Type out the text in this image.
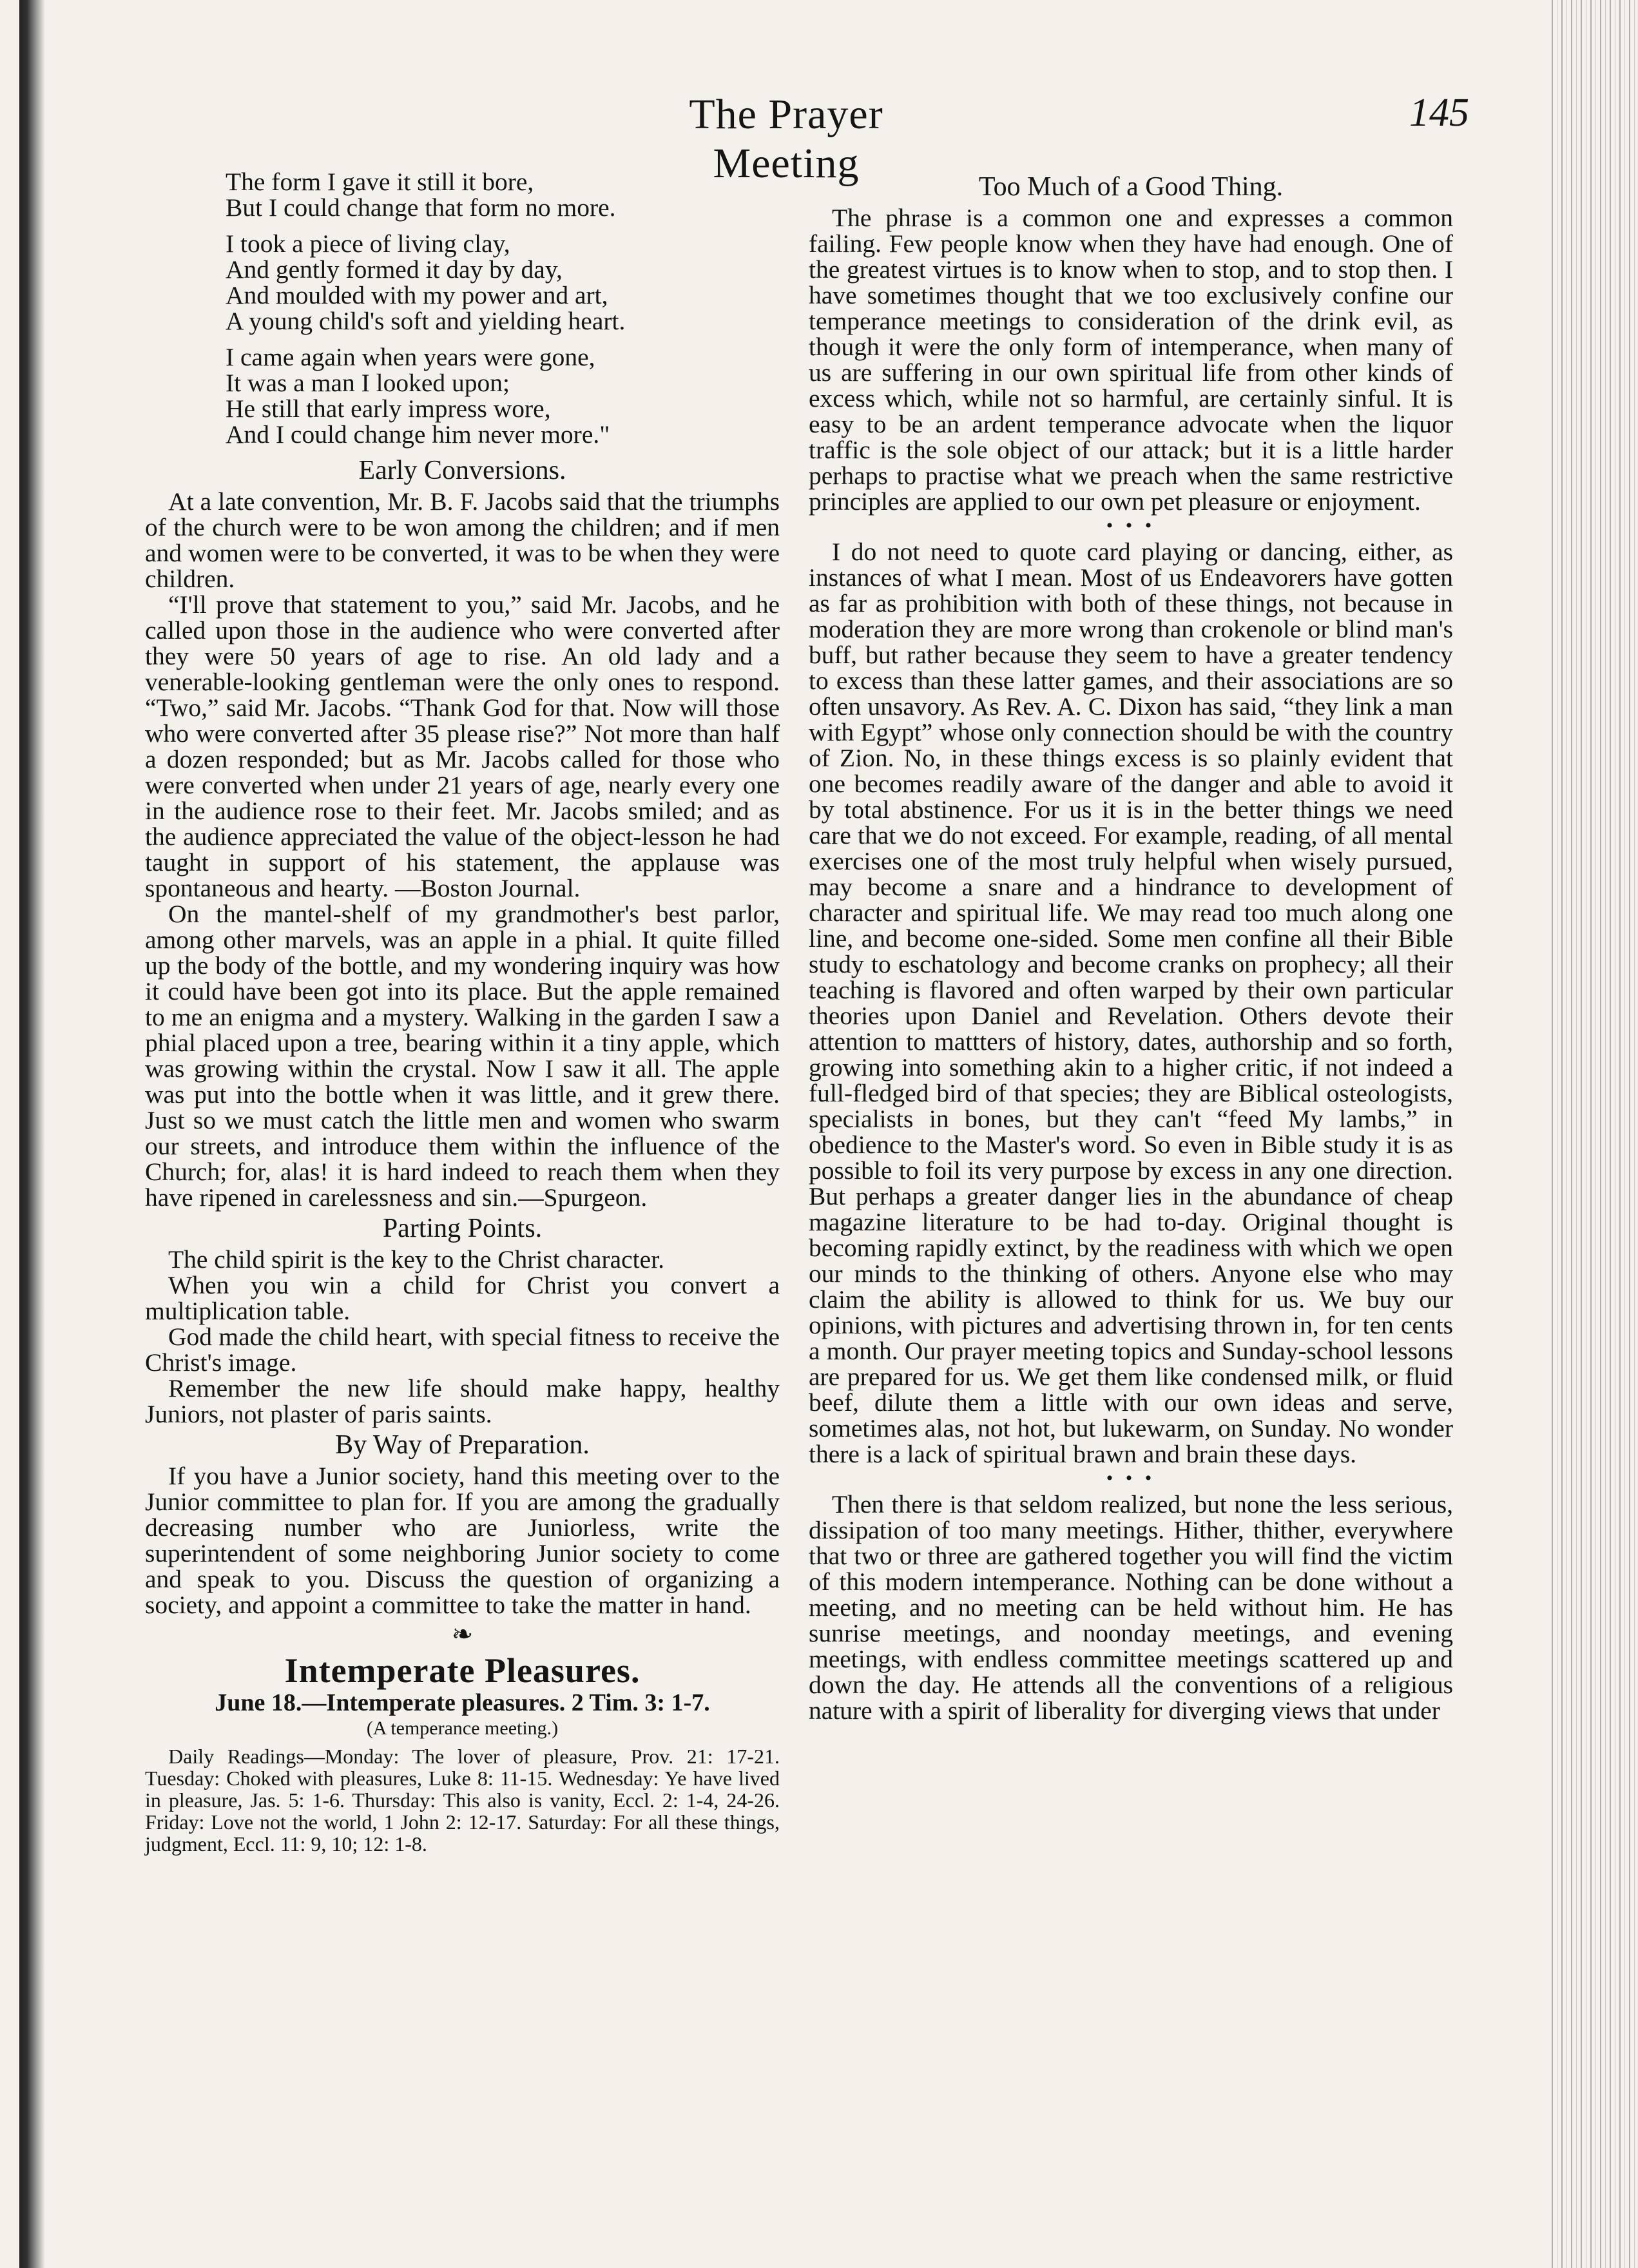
The Prayer Meeting
145

The form I gave it still it bore,

But I could change that form no more.

I took a piece of living clay,

And gently formed it day by day,

And moulded with my power and art,

A young child's soft and yielding heart.

I came again when years were gone,

It was a man I looked upon;

He still that early impress wore,

And I could change him never more."

Early Conversions.

At a late convention, Mr. B. F. Jacobs said that the triumphs of the church were to be won among the children; and if men and women were to be converted, it was to be when they were children.

“I'll prove that statement to you,” said Mr. Jacobs, and he called upon those in the audience who were converted after they were 50 years of age to rise. An old lady and a venerable-looking gentleman were the only ones to respond. “Two,” said Mr. Jacobs. “Thank God for that. Now will those who were converted after 35 please rise?” Not more than half a dozen responded; but as Mr. Jacobs called for those who were converted when under 21 years of age, nearly every one in the audience rose to their feet. Mr. Jacobs smiled; and as the audience appreciated the value of the object-lesson he had taught in support of his statement, the applause was spontaneous and hearty. —Boston Journal.

On the mantel-shelf of my grandmother's best parlor, among other marvels, was an apple in a phial. It quite filled up the body of the bottle, and my wondering inquiry was how it could have been got into its place. But the apple remained to me an enigma and a mystery. Walking in the garden I saw a phial placed upon a tree, bearing within it a tiny apple, which was growing within the crystal. Now I saw it all. The apple was put into the bottle when it was little, and it grew there. Just so we must catch the little men and women who swarm our streets, and introduce them within the influence of the Church; for, alas! it is hard indeed to reach them when they have ripened in carelessness and sin.—Spurgeon.

Parting Points.

The child spirit is the key to the Christ character.

When you win a child for Christ you convert a multiplication table.

God made the child heart, with special fitness to receive the Christ's image.

Remember the new life should make happy, healthy Juniors, not plaster of paris saints.

By Way of Preparation.

If you have a Junior society, hand this meeting over to the Junior committee to plan for. If you are among the gradually decreasing number who are Juniorless, write the superintendent of some neighboring Junior society to come and speak to you. Discuss the question of organizing a society, and appoint a committee to take the matter in hand.

❧
Intemperate Pleasures.
June 18.—Intemperate pleasures. 2 Tim. 3: 1-7.
(A temperance meeting.)

Daily Readings—Monday: The lover of pleasure, Prov. 21: 17-21. Tuesday: Choked with pleasures, Luke 8: 11-15. Wednesday: Ye have lived in pleasure, Jas. 5: 1-6. Thursday: This also is vanity, Eccl. 2: 1-4, 24-26. Friday: Love not the world, 1 John 2: 12-17. Saturday: For all these things, judgment, Eccl. 11: 9, 10; 12: 1-8.

Too Much of a Good Thing.

The phrase is a common one and expresses a common failing. Few people know when they have had enough. One of the greatest virtues is to know when to stop, and to stop then. I have sometimes thought that we too exclusively confine our temperance meetings to consideration of the drink evil, as though it were the only form of intemperance, when many of us are suffering in our own spiritual life from other kinds of excess which, while not so harmful, are certainly sinful. It is easy to be an ardent temperance advocate when the liquor traffic is the sole object of our attack; but it is a little harder perhaps to practise what we preach when the same restrictive principles are applied to our own pet pleasure or enjoyment.

• • •

I do not need to quote card playing or dancing, either, as instances of what I mean. Most of us Endeavorers have gotten as far as prohibition with both of these things, not because in moderation they are more wrong than crokenole or blind man's buff, but rather because they seem to have a greater tendency to excess than these latter games, and their associations are so often unsavory. As Rev. A. C. Dixon has said, “they link a man with Egypt” whose only connection should be with the country of Zion. No, in these things excess is so plainly evident that one becomes readily aware of the danger and able to avoid it by total abstinence. For us it is in the better things we need care that we do not exceed. For example, reading, of all mental exercises one of the most truly helpful when wisely pursued, may become a snare and a hindrance to development of character and spiritual life. We may read too much along one line, and become one-sided. Some men confine all their Bible study to eschatology and become cranks on prophecy; all their teaching is flavored and often warped by their own particular theories upon Daniel and Revelation. Others devote their attention to mattters of history, dates, authorship and so forth, growing into something akin to a higher critic, if not indeed a full-fledged bird of that species; they are Biblical osteologists, specialists in bones, but they can't “feed My lambs,” in obedience to the Master's word. So even in Bible study it is as possible to foil its very purpose by excess in any one direction. But perhaps a greater danger lies in the abundance of cheap magazine literature to be had to-day. Original thought is becoming rapidly extinct, by the readiness with which we open our minds to the thinking of others. Anyone else who may claim the ability is allowed to think for us. We buy our opinions, with pictures and advertising thrown in, for ten cents a month. Our prayer meeting topics and Sunday-school lessons are prepared for us. We get them like condensed milk, or fluid beef, dilute them a little with our own ideas and serve, sometimes alas, not hot, but lukewarm, on Sunday. No wonder there is a lack of spiritual brawn and brain these days.

• • •

Then there is that seldom realized, but none the less serious, dissipation of too many meetings. Hither, thither, everywhere that two or three are gathered together you will find the victim of this modern intemperance. Nothing can be done without a meeting, and no meeting can be held without him. He has sunrise meetings, and noonday meetings, and evening meetings, with endless committee meetings scattered up and down the day. He attends all the conventions of a religious nature with a spirit of liberality for diverging views that under
